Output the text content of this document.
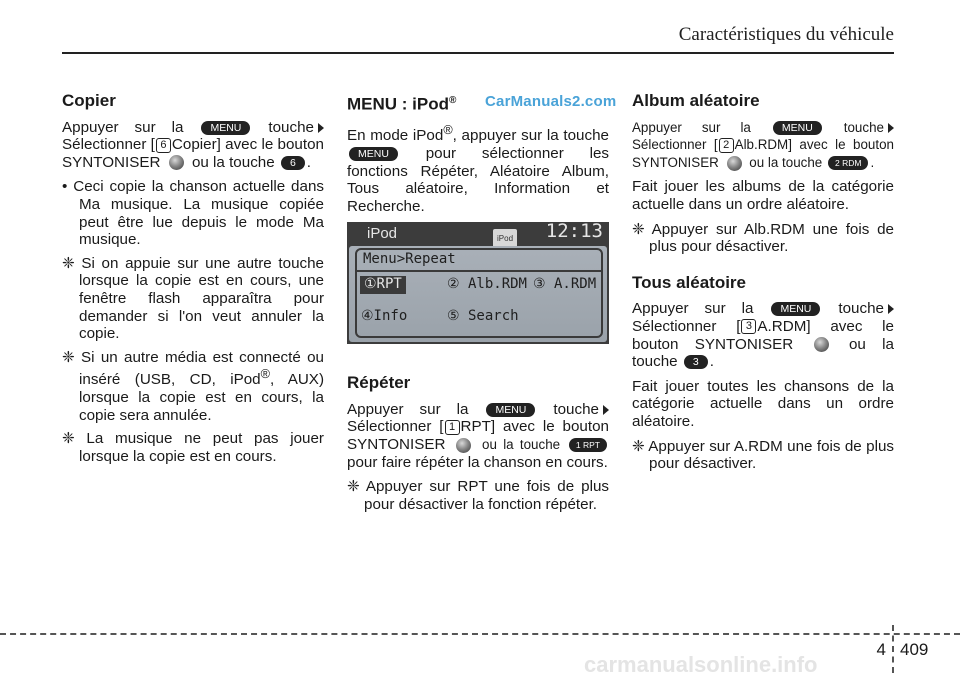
Caractéristiques du véhicule
CarManuals2.com
Copier

Appuyer sur la	MENU touche Sélectionner [ 6 Copier] avec le bouton SYNTONISER ou la touche 6 .

• Ceci copie la chanson actuelle dans Ma musique. La musique copiée peut être lue depuis le mode Ma musique.

❈ Si on appuie sur une autre touche lorsque la copie est en cours, une fenêtre flash apparaîtra pour demander si l'on veut annuler la copie.

❈ Si un autre média est connecté ou inséré (USB, CD, iPod®, AUX) lorsque la copie est en cours, la copie sera annulée.

❈ La musique ne peut pas jouer lorsque la copie est en cours.

MENU : iPod®

En mode iPod®, appuyer sur la touche MENU pour sélectionner les fonctions Répéter, Aléatoire Album, Tous aléatoire, Information et Recherche.

iPod	iPod 12:13
Menu>Repeat
①RPT	② Alb.RDM ③ A.RDM
④Info	⑤ Search
Répéter

Appuyer sur la	MENU touche Sélectionner [ 1 RPT] avec le bouton SYNTONISER	ou la touche 1 RPT pour faire répéter la chanson en cours.

❈ Appuyer sur RPT une fois de plus pour désactiver la fonction répéter.

Album aléatoire

Appuyer sur la	MENU touche Sélectionner [ 2 Alb.RDM] avec le bouton SYNTONISER ou la touche 2 RDM .

Fait jouer les albums de la catégorie actuelle dans un ordre aléatoire.

❈ Appuyer sur Alb.RDM une fois de plus pour désactiver.

Tous aléatoire

Appuyer sur la	MENU touche Sélectionner [ 3 A.RDM] avec le bouton SYNTONISER	ou la touche 3 .

Fait jouer toutes les chansons de la catégorie actuelle dans un ordre aléatoire.

❈ Appuyer sur A.RDM une fois de plus pour désactiver.

4 409
carmanualsonline.info
